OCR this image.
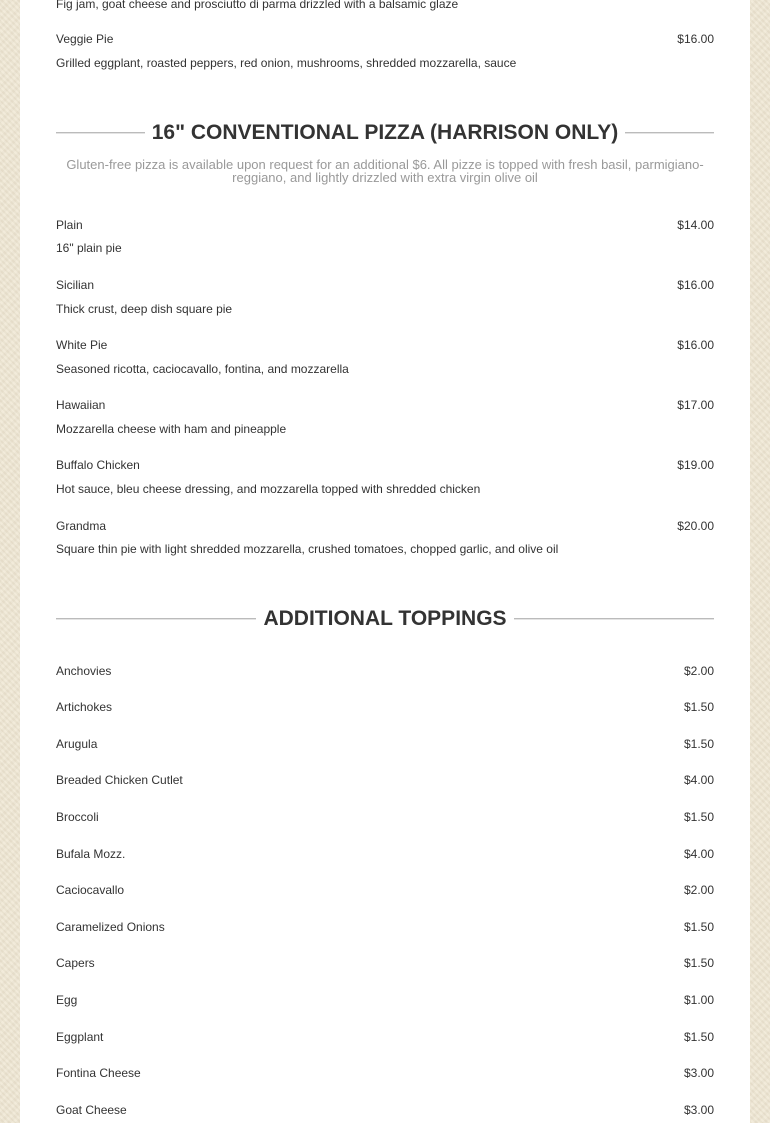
Fig jam, goat cheese and prosciutto di parma drizzled with a balsamic glaze
Veggie Pie	$16.00
Grilled eggplant, roasted peppers, red onion, mushrooms, shredded mozzarella, sauce
16" CONVENTIONAL PIZZA (HARRISON ONLY)
Gluten-free pizza is available upon request for an additional $6. All pizze is topped with fresh basil, parmigiano-reggiano, and lightly drizzled with extra virgin olive oil
Plain	$14.00
16" plain pie
Sicilian	$16.00
Thick crust, deep dish square pie
White Pie	$16.00
Seasoned ricotta, caciocavallo, fontina, and mozzarella
Hawaiian	$17.00
Mozzarella cheese with ham and pineapple
Buffalo Chicken	$19.00
Hot sauce, bleu cheese dressing, and mozzarella topped with shredded chicken
Grandma	$20.00
Square thin pie with light shredded mozzarella, crushed tomatoes, chopped garlic, and olive oil
ADDITIONAL TOPPINGS
Anchovies	$2.00
Artichokes	$1.50
Arugula	$1.50
Breaded Chicken Cutlet	$4.00
Broccoli	$1.50
Bufala Mozz.	$4.00
Caciocavallo	$2.00
Caramelized Onions	$1.50
Capers	$1.50
Egg	$1.00
Eggplant	$1.50
Fontina Cheese	$3.00
Goat Cheese	$3.00
